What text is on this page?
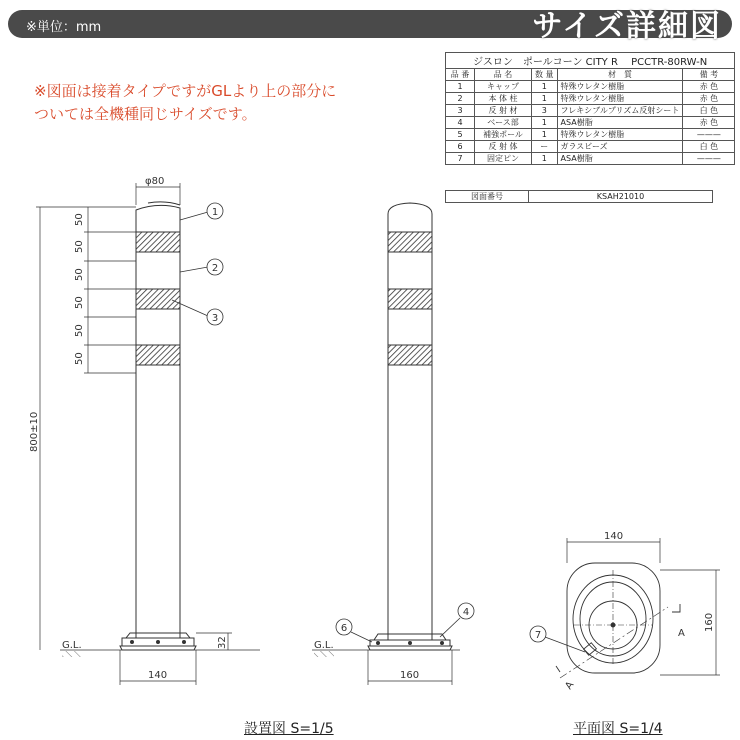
※単位：mm	サイズ詳細図
※図面は接着タイプですがGLより上の部分に
ついては全機種同じサイズです。
ジスロン　ポールコーン CITY R　 PCCTR-80RW-N				
品 番	品 名	数 量	材　質	備 考
1	キャップ	1	特殊ウレタン樹脂	赤 色
2	本 体 柱	1	特殊ウレタン樹脂	赤 色
3	反 射 材	3	フレキシブルプリズム反射シート	白 色
4	ベース部	1	ASA樹脂	赤 色
5	補強ポール	1	特殊ウレタン樹脂	———
6	反 射 体	ー	ガラスビーズ	白 色
7	固定ピン	1	ASA樹脂	———
図面番号	KSAH21010
φ80
50
50
50
50
50
50
800±10
32
140
G.L.
1
2
3
G.L.
160
6
4
140
160
A
A
7
設置図 S=1/5	平面図 S=1/4
